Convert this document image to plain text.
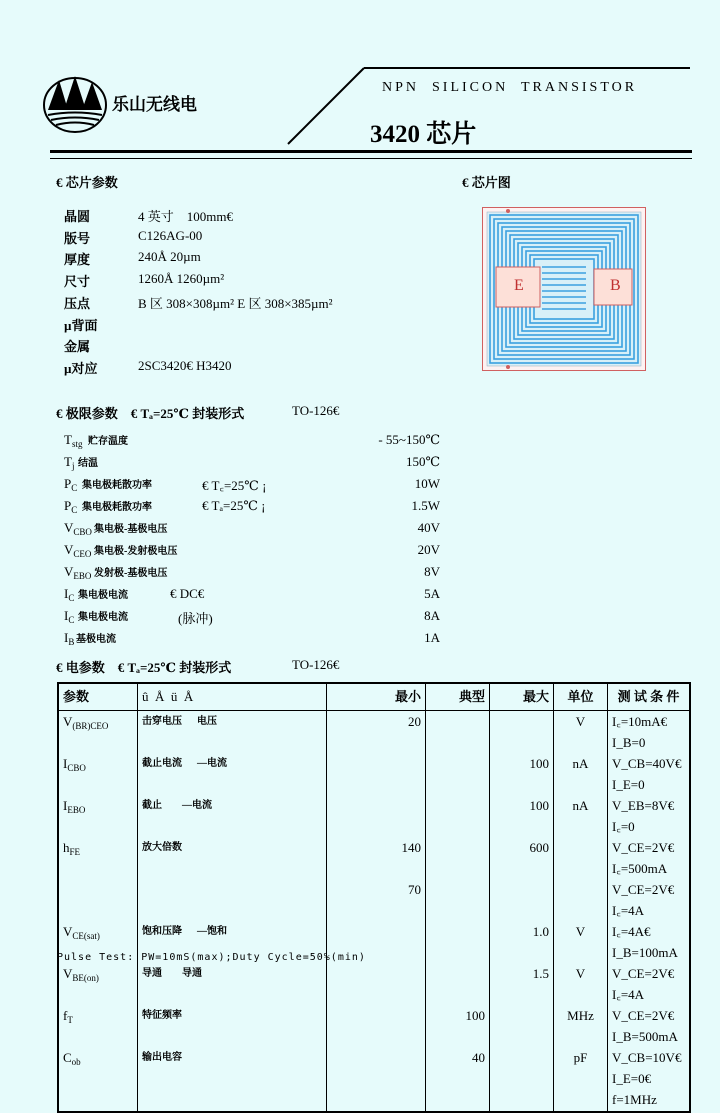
乐山无线电
NPN  SILICON  TRANSISTOR
3420 芯片
€ 芯片参数	€ 芯片图
晶圆	4 英寸    100mm€
版号	C126AG-00
厚度	240Å 20µm
尺寸	1260Å 1260µm²
压点	B 区 308×308µm² E 区 308×385µm²
µ背面
金属
µ对应	2SC3420€ H3420
E	B
€ 极限参数    € Tₐ=25℃ 封装形式	TO-126€
$T_{stg}$ 贮存温度	- 55~150℃
$T_j$ 结温	150℃
$P_C$ 集电极耗散功率	€ T꜀=25℃ ¡	10W
$P_C$ 集电极耗散功率	€ Tₐ=25℃ ¡	1.5W
$V_{CBO}$ 集电极-基极电压	40V
$V_{CEO}$ 集电极-发射极电压	20V
$V_{EBO}$ 发射极-基极电压	8V
$I_C$ 集电极电流	€ DC€	5A
$I_C$ 集电极电流	(脉冲)	8A
$I_B$ 基极电流	1A
€ 电参数    € Tₐ=25℃ 封装形式	TO-126€
参数	û  Å  ü  Å	最小	典型	最大	单位	测 试 条 件
$V_{(BR)CEO}$	击穿电压      电压	20			V	I꜀=10mA€ I_B=0
$I_{CBO}$	截止电流      —电流			100	nA	V_CB=40V€ I_E=0
$I_{EBO}$	截止        —电流			100	nA	V_EB=8V€ I꜀=0
$h_{FE}$	放大倍数	140		600		V_CE=2V€ I꜀=500mA
		70				V_CE=2V€ I꜀=4A
$V_{CE(sat)}$	饱和压降      —饱和			1.0	V	I꜀=4A€ I_B=100mA
$V_{BE(on)}$	导通        导通			1.5	V	V_CE=2V€ I꜀=4A
$f_T$	特征频率		100		MHz	V_CE=2V€ I_B=500mA
$C_{ob}$	输出电容		40		pF	V_CB=10V€ I_E=0€
						f=1MHz

Pulse Test: PW=10mS(max);Duty Cycle=50%(min)
